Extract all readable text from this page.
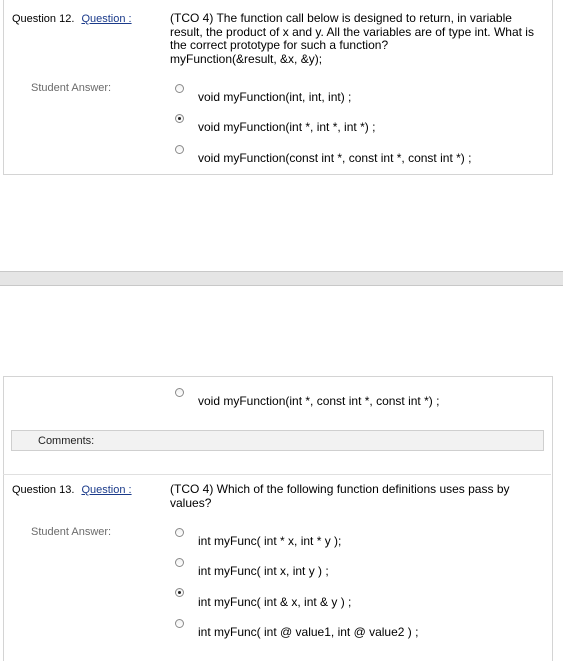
Question 12. Question :	(TCO 4) The function call below is designed to return, in variable
result, the product of x and y. All the variables are of type int. What is
the correct prototype for such a function?
myFunction(&result, &x, &y);
Student Answer:
void myFunction(int, int, int) ;
void myFunction(int *, int *, int *) ;
void myFunction(const int *, const int *, const int *) ;
void myFunction(int *, const int *, const int *) ;
Comments:
Question 13. Question :	(TCO 4) Which of the following function definitions uses pass by
values?
Student Answer:
int myFunc( int * x, int * y );
int myFunc( int x, int y ) ;
int myFunc( int & x, int & y ) ;
int myFunc( int @ value1, int @ value2 ) ;
